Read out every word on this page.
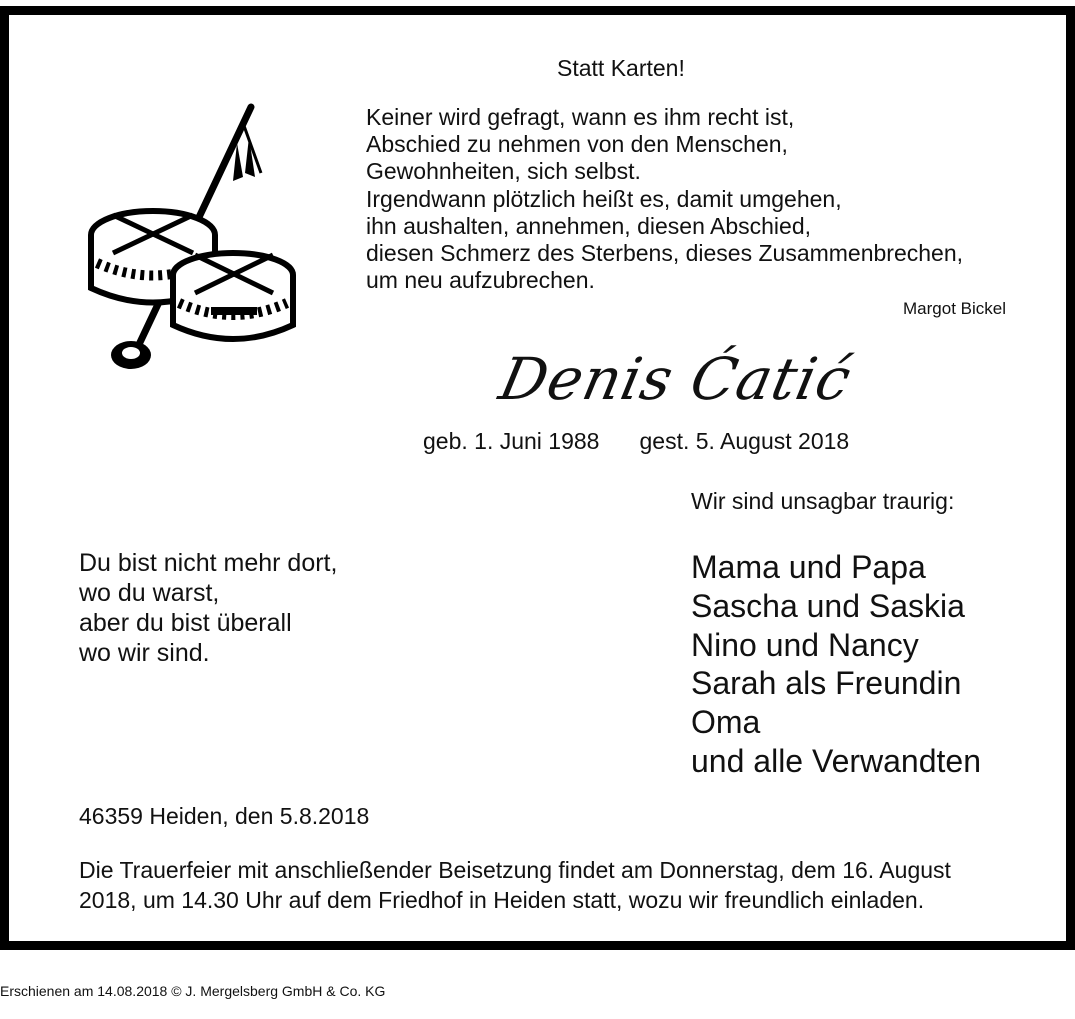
Statt Karten!
Keiner wird gefragt, wann es ihm recht ist,
Abschied zu nehmen von den Menschen,
Gewohnheiten, sich selbst.
Irgendwann plötzlich heißt es, damit umgehen,
ihn aushalten, annehmen, diesen Abschied,
diesen Schmerz des Sterbens, dieses Zusammenbrechen,
um neu aufzubrechen.
Margot Bickel
Denis Ćatić
geb. 1. Juni 1988 gest. 5. August 2018
Wir sind unsagbar traurig:
Du bist nicht mehr dort,
wo du warst,
aber du bist überall
wo wir sind.
Mama und Papa
Sascha und Saskia
Nino und Nancy
Sarah als Freundin
Oma
und alle Verwandten
46359 Heiden, den 5.8.2018
Die Trauerfeier mit anschließender Beisetzung findet am Donnerstag, dem 16. August
2018, um 14.30 Uhr auf dem Friedhof in Heiden statt, wozu wir freundlich einladen.
Erschienen am 14.08.2018 © J. Mergelsberg GmbH & Co. KG
